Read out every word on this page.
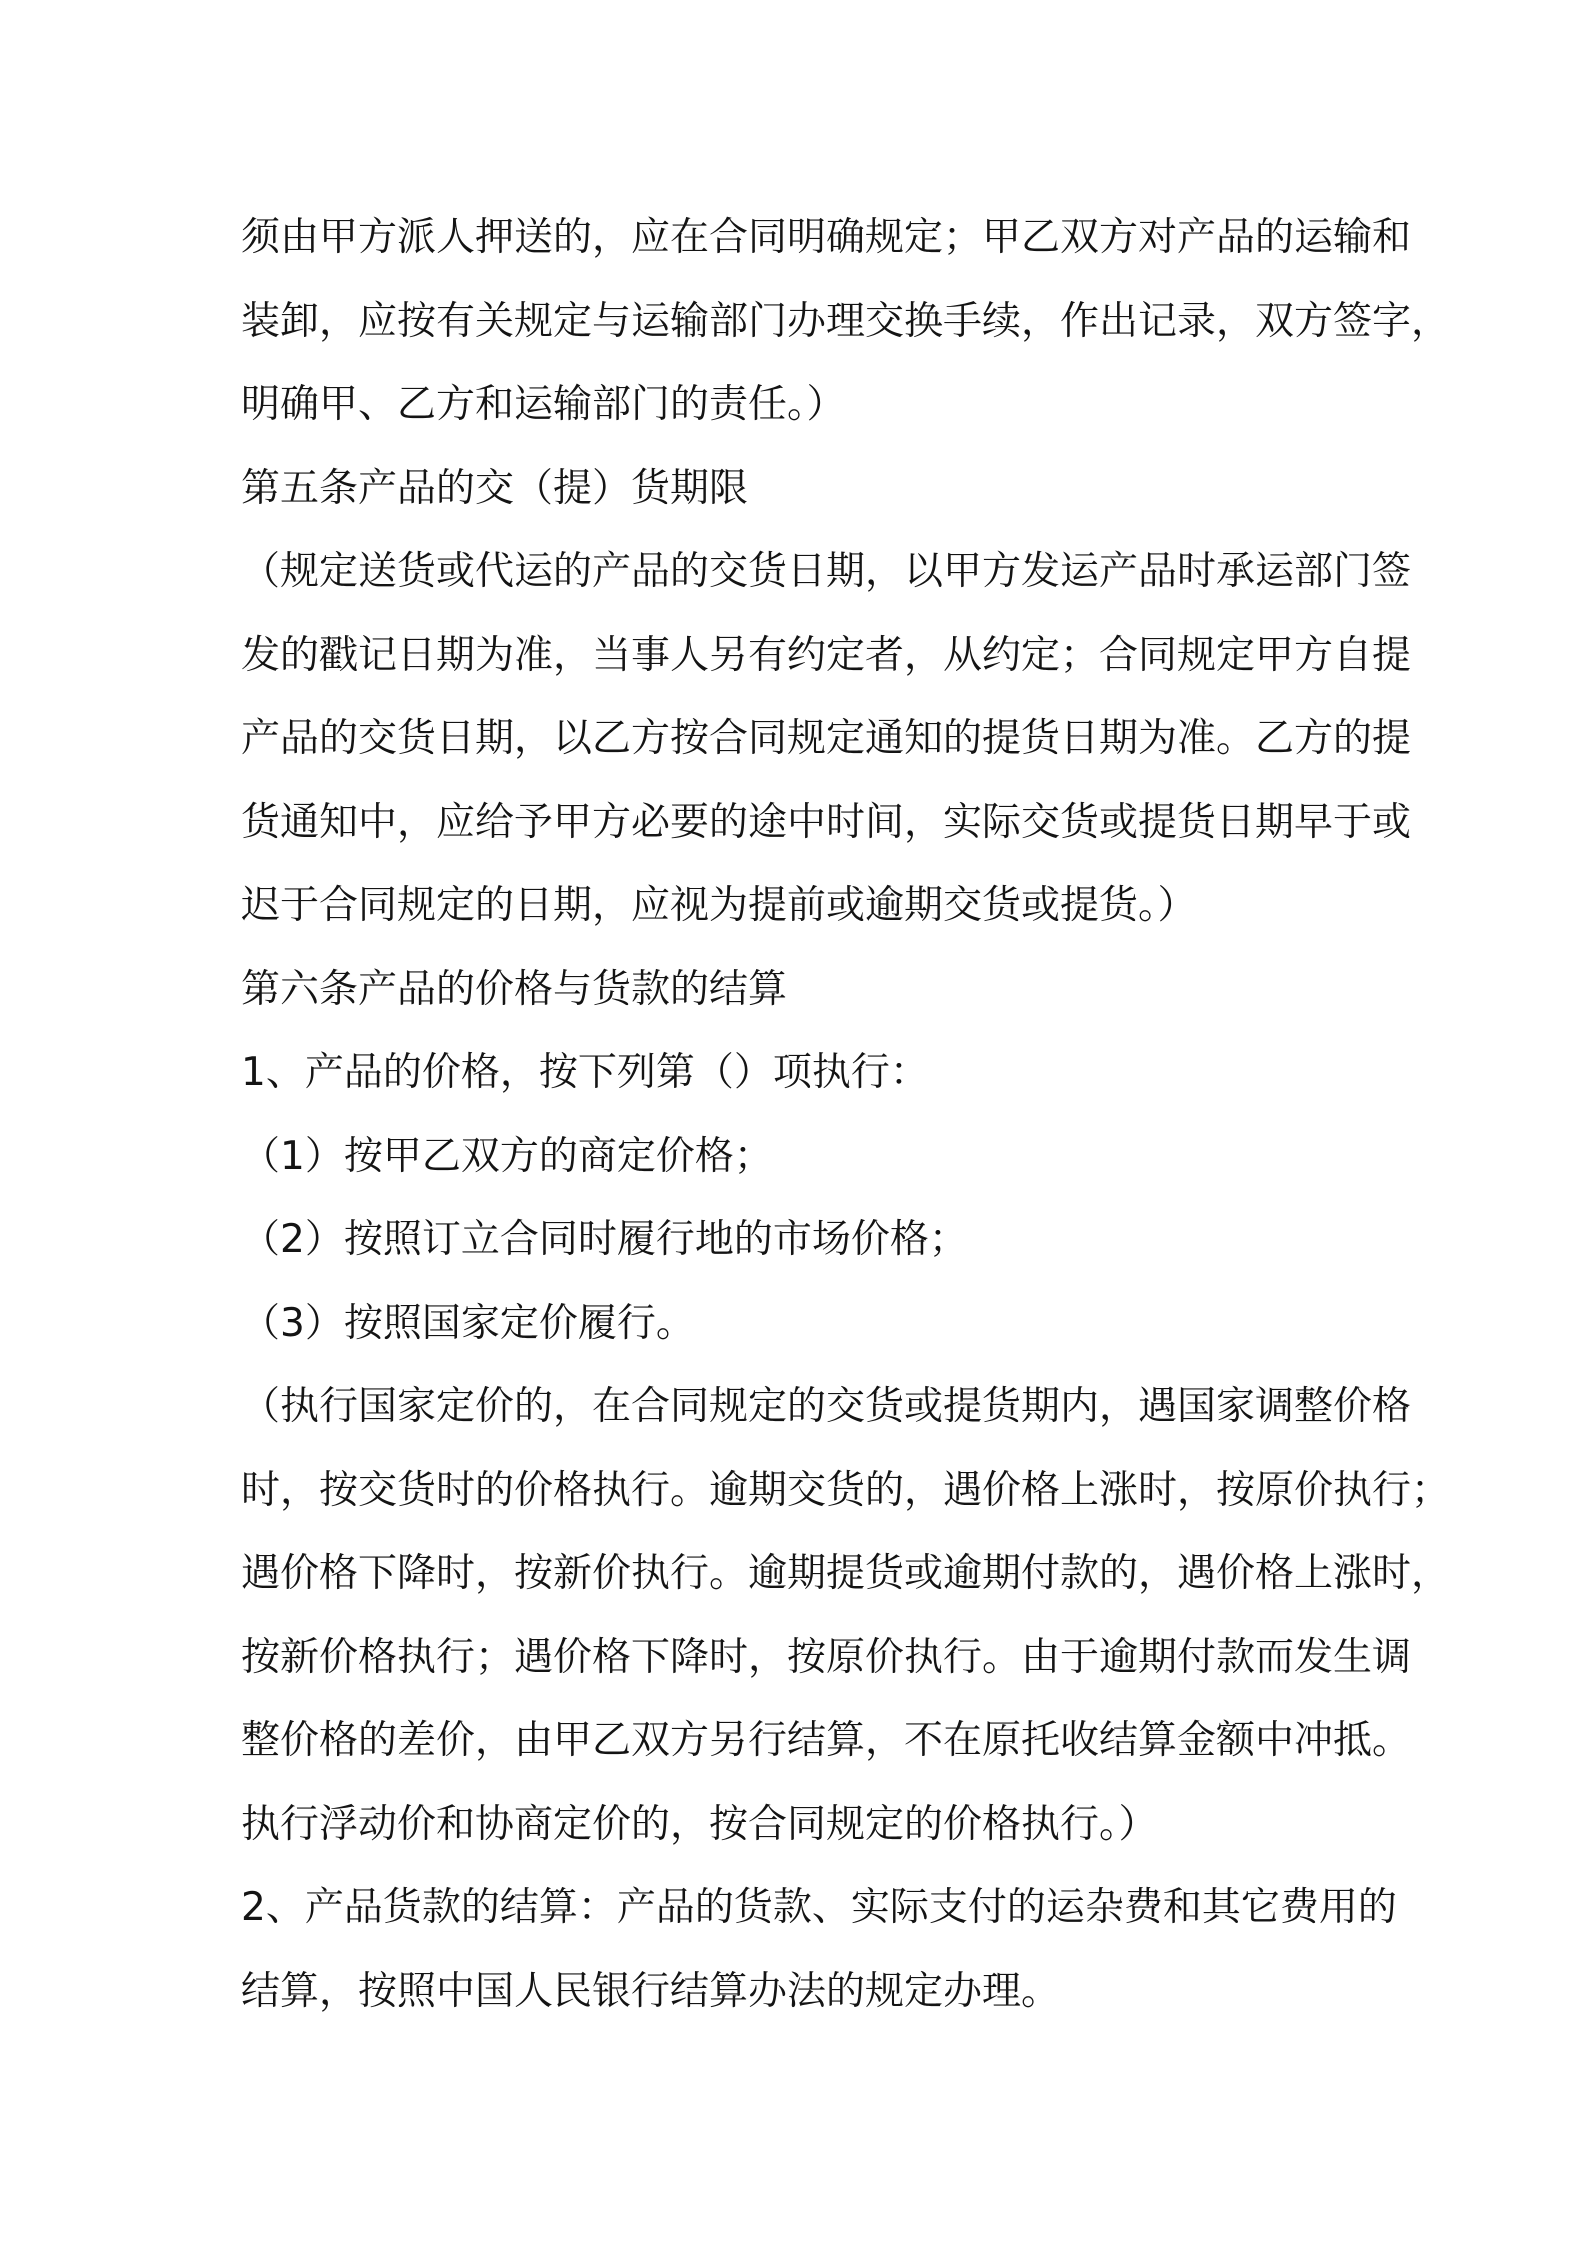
须由甲方派人押送的，应在合同明确规定；甲乙双方对产品的运输和
装卸，应按有关规定与运输部门办理交换手续，作出记录，双方签字，
明确甲、乙方和运输部门的责任。）
第五条产品的交（提）货期限
（规定送货或代运的产品的交货日期，以甲方发运产品时承运部门签
发的戳记日期为准，当事人另有约定者，从约定；合同规定甲方自提
产品的交货日期，以乙方按合同规定通知的提货日期为准。乙方的提
货通知中，应给予甲方必要的途中时间，实际交货或提货日期早于或
迟于合同规定的日期，应视为提前或逾期交货或提货。）
第六条产品的价格与货款的结算
1、产品的价格，按下列第（）项执行：
（1）按甲乙双方的商定价格；
（2）按照订立合同时履行地的市场价格；
（3）按照国家定价履行。
（执行国家定价的，在合同规定的交货或提货期内，遇国家调整价格
时，按交货时的价格执行。逾期交货的，遇价格上涨时，按原价执行；
遇价格下降时，按新价执行。逾期提货或逾期付款的，遇价格上涨时，
按新价格执行；遇价格下降时，按原价执行。由于逾期付款而发生调
整价格的差价，由甲乙双方另行结算，不在原托收结算金额中冲抵。
执行浮动价和协商定价的，按合同规定的价格执行。）
2、产品货款的结算：产品的货款、实际支付的运杂费和其它费用的
结算，按照中国人民银行结算办法的规定办理。
